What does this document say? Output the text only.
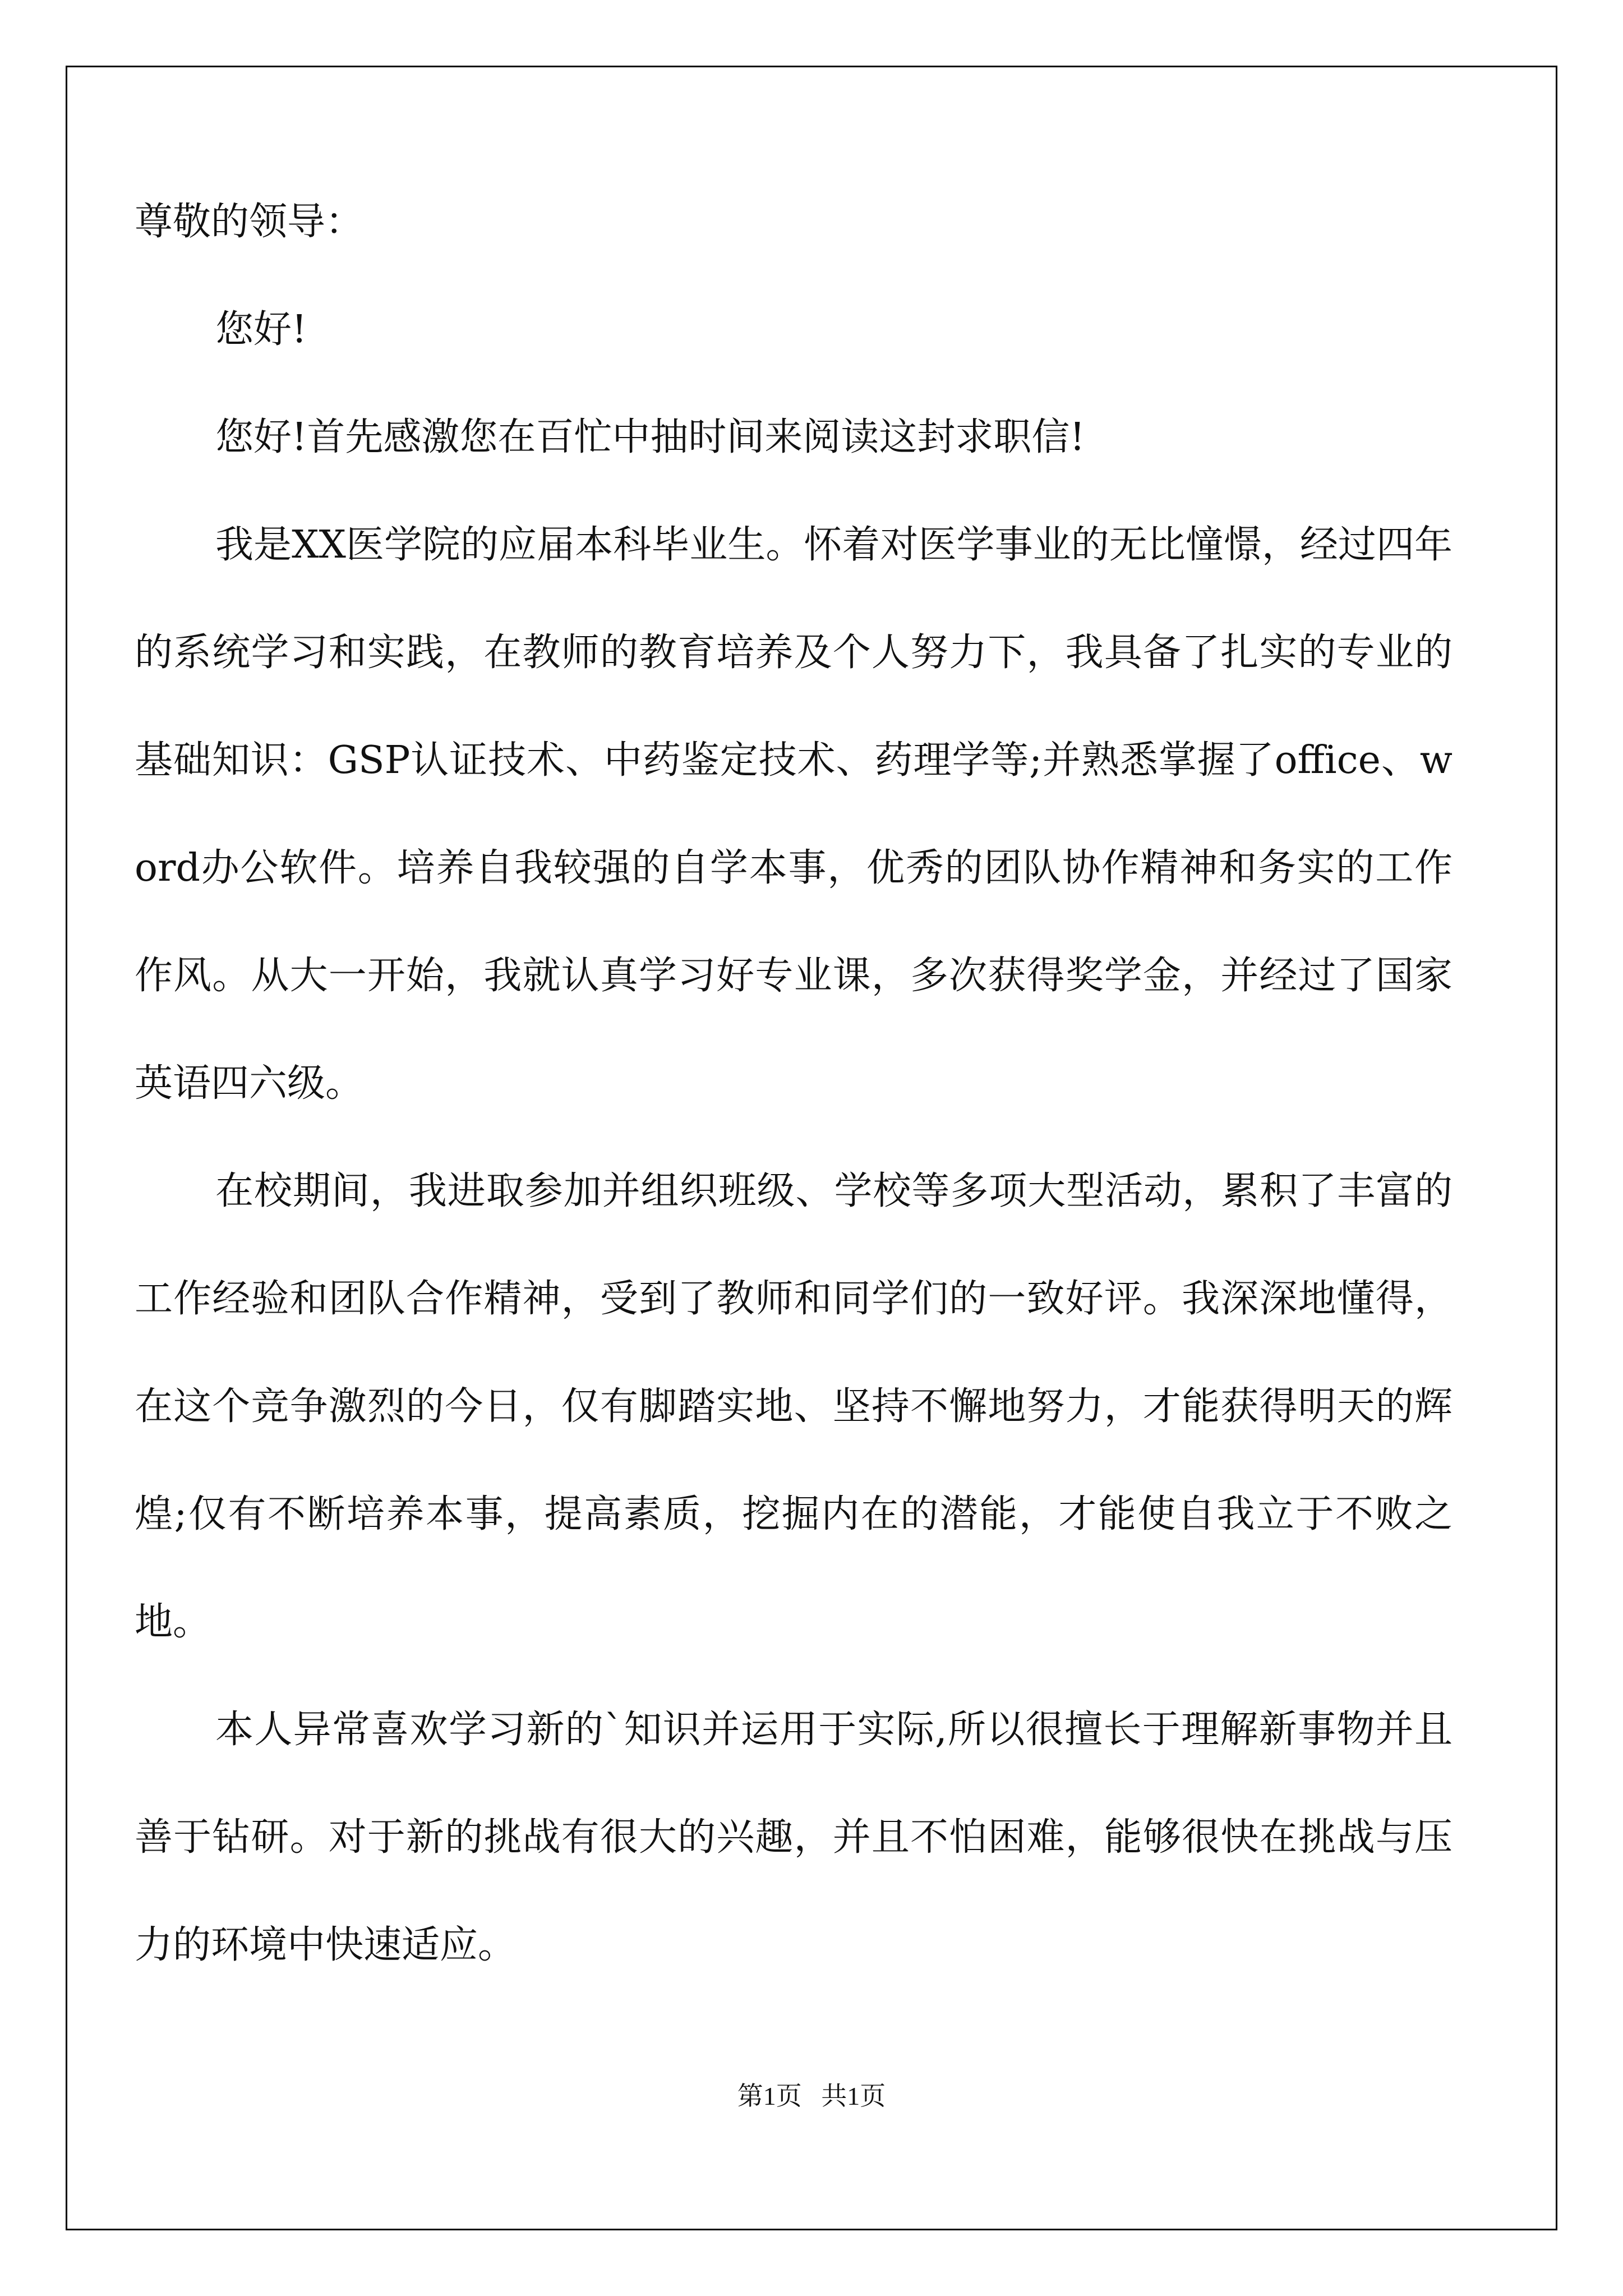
尊敬的领导：

您好!

您好!首先感激您在百忙中抽时间来阅读这封求职信!

我是XX医学院的应届本科毕业生。怀着对医学事业的无比憧憬，经过四年的系统学习和实践，在教师的教育培养及个人努力下，我具备了扎实的专业的基础知识：GSP认证技术、中药鉴定技术、药理学等;并熟悉掌握了office、word办公软件。培养自我较强的自学本事，优秀的团队协作精神和务实的工作作风。从大一开始，我就认真学习好专业课，多次获得奖学金，并经过了国家英语四六级。

在校期间，我进取参加并组织班级、学校等多项大型活动，累积了丰富的工作经验和团队合作精神，受到了教师和同学们的一致好评。我深深地懂得，在这个竞争激烈的今日，仅有脚踏实地、坚持不懈地努力，才能获得明天的辉煌;仅有不断培养本事，提高素质，挖掘内在的潜能，才能使自我立于不败之地。

本人异常喜欢学习新的`知识并运用于实际,所以很擅长于理解新事物并且善于钻研。对于新的挑战有很大的兴趣，并且不怕困难，能够很快在挑战与压力的环境中快速适应。

第1页   共1页
